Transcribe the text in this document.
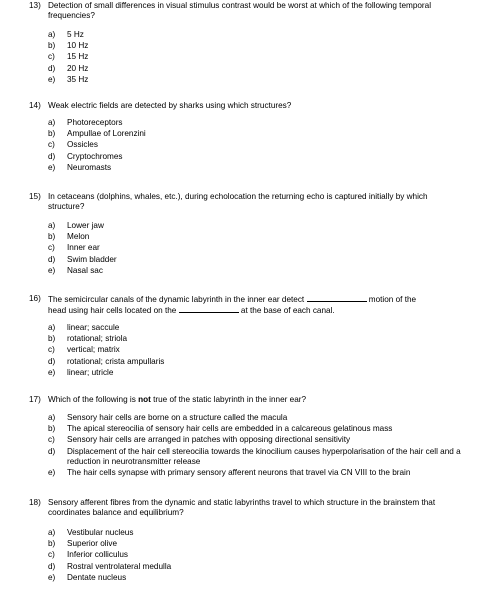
13) Detection of small differences in visual stimulus contrast would be worst at which of the following temporal frequencies?
a) 5 Hz
b) 10 Hz
c) 15 Hz
d) 20 Hz
e) 35 Hz
14) Weak electric fields are detected by sharks using which structures?
a) Photoreceptors
b) Ampullae of Lorenzini
c) Ossicles
d) Cryptochromes
e) Neuromasts
15) In cetaceans (dolphins, whales, etc.), during echolocation the returning echo is captured initially by which structure?
a) Lower jaw
b) Melon
c) Inner ear
d) Swim bladder
e) Nasal sac
16) The semicircular canals of the dynamic labyrinth in the inner ear detect	motion of the
head using hair cells located on the	at the base of each canal.
a) linear; saccule
b) rotational; striola
c) vertical; matrix
d) rotational; crista ampullaris
e) linear; utricle
17) Which of the following is not true of the static labyrinth in the inner ear?
a) Sensory hair cells are borne on a structure called the macula
b) The apical stereocilia of sensory hair cells are embedded in a calcareous gelatinous mass
c) Sensory hair cells are arranged in patches with opposing directional sensitivity
d) Displacement of the hair cell stereocilia towards the kinocilium causes hyperpolarisation of the hair cell and a reduction in neurotransmitter release
e) The hair cells synapse with primary sensory afferent neurons that travel via CN VIII to the brain
18) Sensory afferent fibres from the dynamic and static labyrinths travel to which structure in the brainstem that coordinates balance and equilibrium?
a) Vestibular nucleus
b) Superior olive
c) Inferior colliculus
d) Rostral ventrolateral medulla
e) Dentate nucleus
